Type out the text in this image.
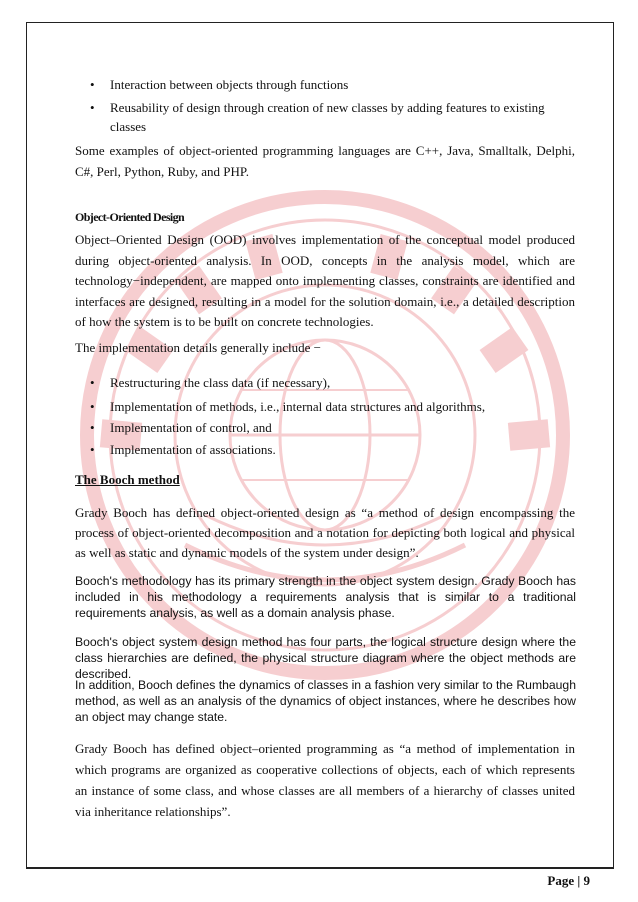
• Interaction between objects through functions
• Reusability of design through creation of new classes by adding features to existing
classes
Some examples of object-oriented programming languages are C++, Java, Smalltalk, Delphi, C#, Perl, Python, Ruby, and PHP.
Object-Oriented Design
Object–Oriented Design (OOD) involves implementation of the conceptual model produced during object-oriented analysis. In OOD, concepts in the analysis model, which are technology−independent, are mapped onto implementing classes, constraints are identified and interfaces are designed, resulting in a model for the solution domain, i.e., a detailed description of how the system is to be built on concrete technologies.
The implementation details generally include −
• Restructuring the class data (if necessary),
• Implementation of methods, i.e., internal data structures and algorithms,
• Implementation of control, and
• Implementation of associations.
The Booch method
Grady Booch has defined object-oriented design as “a method of design encompassing the process of object-oriented decomposition and a notation for depicting both logical and physical as well as static and dynamic models of the system under design”.
Booch's methodology has its primary strength in the object system design. Grady Booch has included in his methodology a requirements analysis that is similar to a traditional requirements analysis, as well as a domain analysis phase.
Booch's object system design method has four parts, the logical structure design where the class hierarchies are defined, the physical structure diagram where the object methods are described.
In addition, Booch defines the dynamics of classes in a fashion very similar to the Rumbaugh method, as well as an analysis of the dynamics of object instances, where he describes how an object may change state.
Grady Booch has defined object–oriented programming as “a method of implementation in which programs are organized as cooperative collections of objects, each of which represents an instance of some class, and whose classes are all members of a hierarchy of classes united via inheritance relationships”.
Page | 9
